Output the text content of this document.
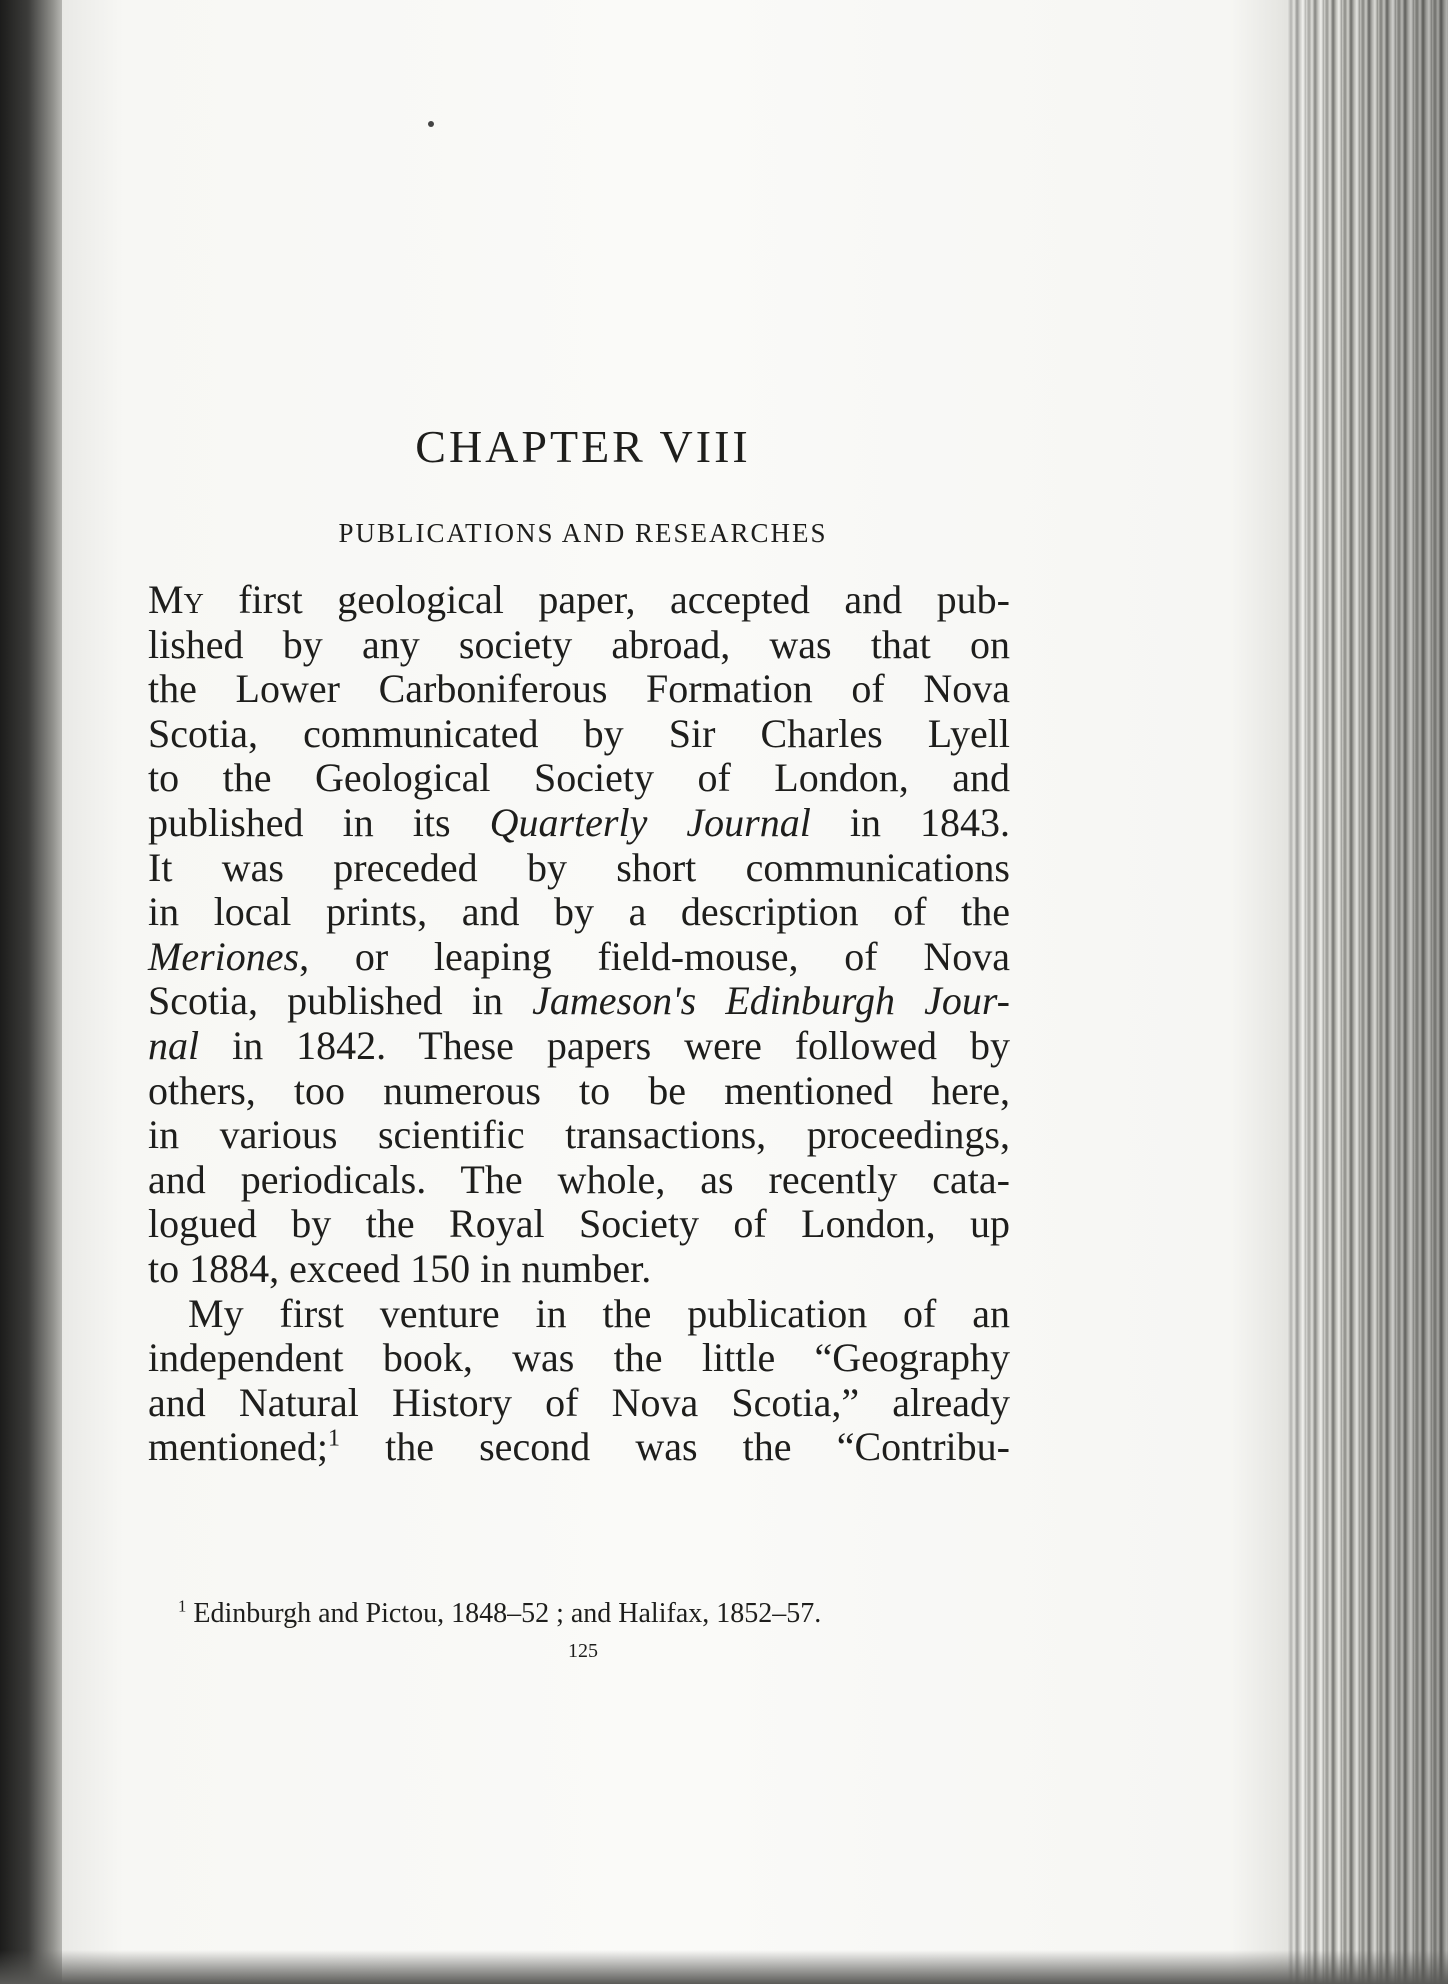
CHAPTER VIII
PUBLICATIONS AND RESEARCHES
My first geological paper, accepted and pub-
lished by any society abroad, was that on
the Lower Carboniferous Formation of Nova
Scotia, communicated by Sir Charles Lyell
to the Geological Society of London, and
published in its Quarterly Journal in 1843.
It was preceded by short communications
in local prints, and by a description of the
Meriones, or leaping field-mouse, of Nova
Scotia, published in Jameson's Edinburgh Jour-
nal in 1842. These papers were followed by
others, too numerous to be mentioned here,
in various scientific transactions, proceedings,
and periodicals. The whole, as recently cata-
logued by the Royal Society of London, up
to 1884, exceed 150 in number.
My first venture in the publication of an
independent book, was the little “Geography
and Natural History of Nova Scotia,” already
mentioned;$^1$ the second was the “Contribu-

$^1$ Edinburgh and Pictou, 1848–52 ; and Halifax, 1852–57.

125
